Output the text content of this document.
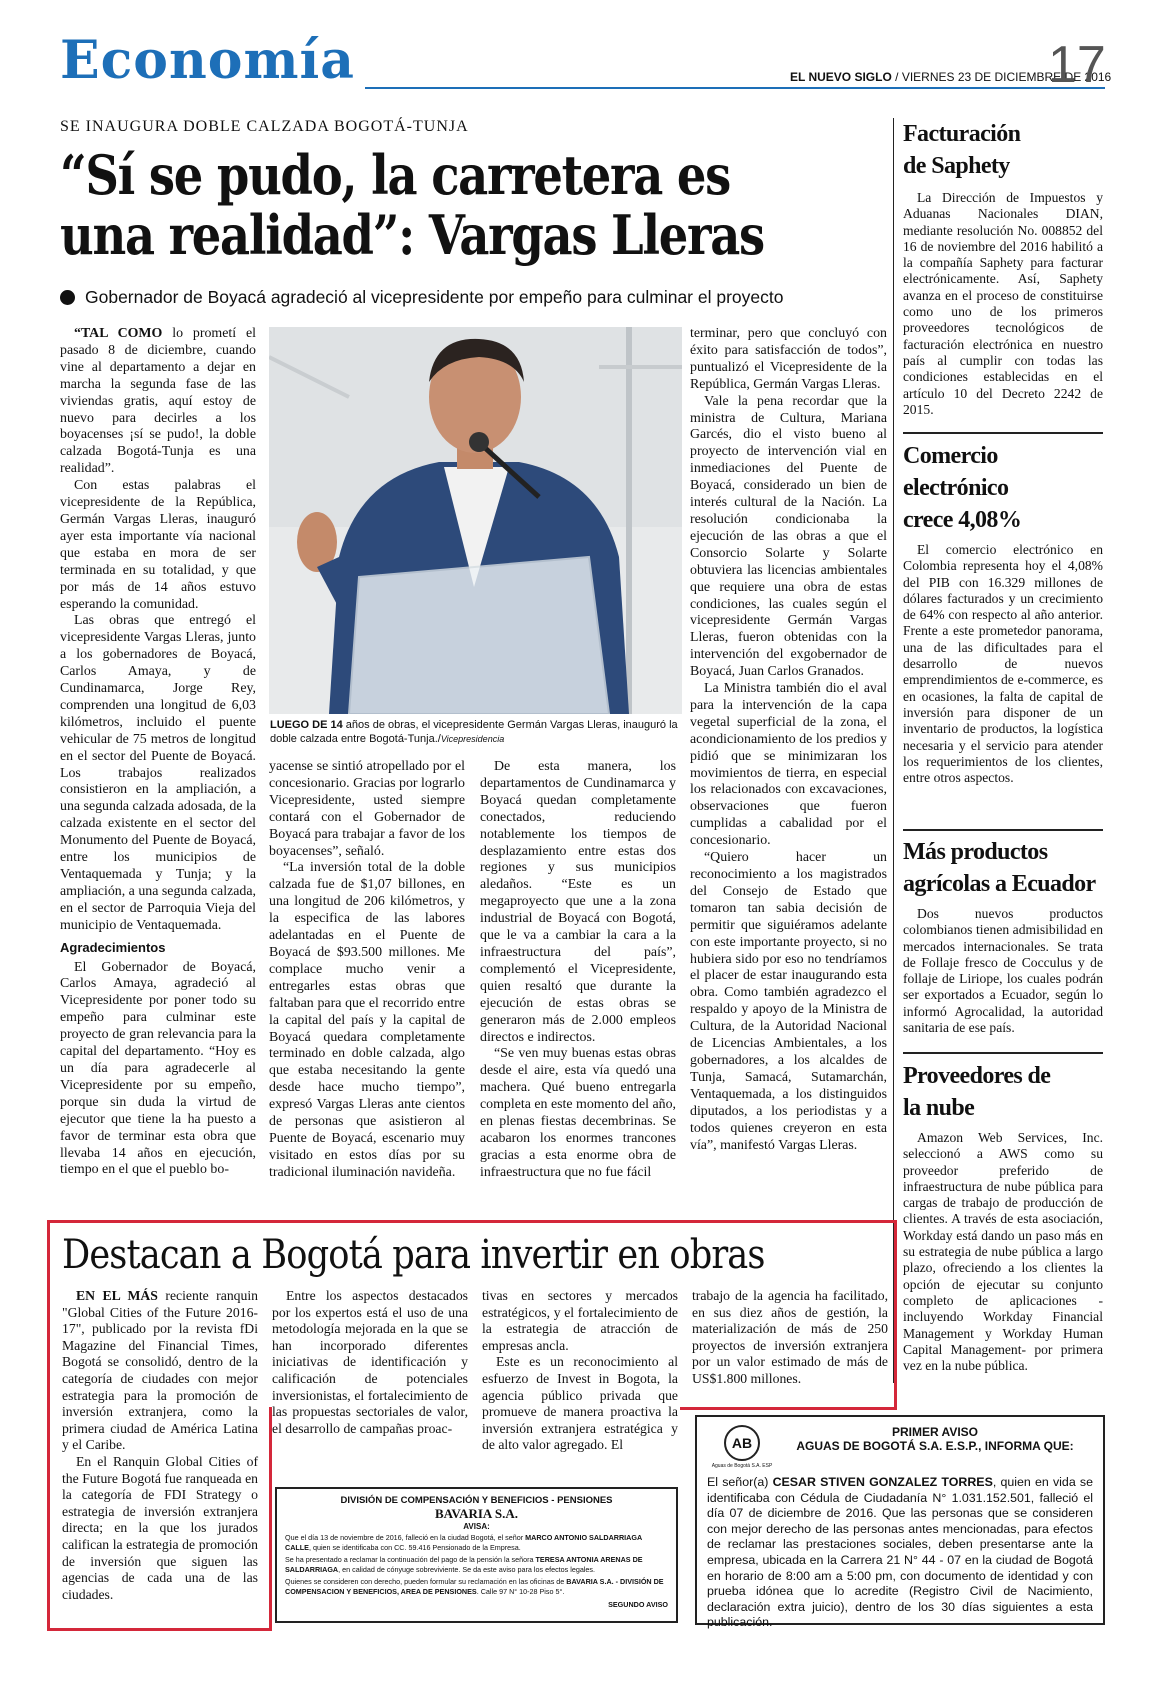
Economía	EL NUEVO SIGLO / VIERNES 23 DE DICIEMBRE DE 2016
17
SE INAUGURA DOBLE CALZADA BOGOTÁ-TUNJA
“Sí se pudo, la carretera es una realidad”: Vargas Lleras
Gobernador de Boyacá agradeció al vicepresidente por empeño para culminar el proyecto

“TAL COMO lo prometí el pasado 8 de diciembre, cuando vine al departamento a dejar en marcha la segunda fase de las viviendas gratis, aquí estoy de nuevo para decirles a los boyacenses ¡sí se pudo!, la doble calzada Bogotá-Tunja es una realidad”.

Con estas palabras el vicepresidente de la República, Germán Vargas Lleras, inauguró ayer esta importante vía nacional que estaba en mora de ser terminada en su totalidad, y que por más de 14 años estuvo esperando la comunidad.

Las obras que entregó el vicepresidente Vargas Lleras, junto a los gobernadores de Boyacá, Carlos Amaya, y de Cundinamarca, Jorge Rey, comprenden una longitud de 6,03 kilómetros, incluido el puente vehicular de 75 metros de longitud en el sector del Puente de Boyacá. Los trabajos realizados consistieron en la ampliación, a una segunda calzada adosada, de la calzada existente en el sector del Monumento del Puente de Boyacá, entre los municipios de Ventaquemada y Tunja; y la ampliación, a una segunda calzada, en el sector de Parroquia Vieja del municipio de Ventaquemada.

Agradecimientos

El Gobernador de Boyacá, Carlos Amaya, agradeció al Vicepresidente por poner todo su empeño para culminar este proyecto de gran relevancia para la capital del departamento. “Hoy es un día para agradecerle al Vicepresidente por su empeño, porque sin duda la virtud de ejecutor que tiene la ha puesto a favor de terminar esta obra que llevaba 14 años en ejecución, tiempo en el que el pueblo bo-

LUEGO DE 14 años de obras, el vicepresidente Germán Vargas Lleras, inauguró la doble calzada entre Bogotá-Tunja./Vicepresidencia

yacense se sintió atropellado por el concesionario. Gracias por lograrlo Vicepresidente, usted siempre contará con el Gobernador de Boyacá para trabajar a favor de los boyacenses”, señaló.

“La inversión total de la doble calzada fue de $1,07 billones, en una longitud de 206 kilómetros, y la especifica de las labores adelantadas en el Puente de Boyacá de $93.500 millones. Me complace mucho venir a entregarles estas obras que faltaban para que el recorrido entre la capital del país y la capital de Boyacá quedara completamente terminado en doble calzada, algo que estaba necesitando la gente desde hace mucho tiempo”, expresó Vargas Lleras ante cientos de personas que asistieron al Puente de Boyacá, escenario muy visitado en estos días por su tradicional iluminación navideña.

De esta manera, los departamentos de Cundinamarca y Boyacá quedan completamente conectados, reduciendo notablemente los tiempos de desplazamiento entre estas dos regiones y sus municipios aledaños. “Este es un megaproyecto que une a la zona industrial de Boyacá con Bogotá, que le va a cambiar la cara a la infraestructura del país”, complementó el Vicepresidente, quien resaltó que durante la ejecución de estas obras se generaron más de 2.000 empleos directos e indirectos.

“Se ven muy buenas estas obras desde el aire, esta vía quedó una machera. Qué bueno entregarla completa en este momento del año, en plenas fiestas decembrinas. Se acabaron los enormes trancones gracias a esta enorme obra de infraestructura que no fue fácil

terminar, pero que concluyó con éxito para satisfacción de todos”, puntualizó el Vicepresidente de la República, Germán Vargas Lleras.

Vale la pena recordar que la ministra de Cultura, Mariana Garcés, dio el visto bueno al proyecto de intervención vial en inmediaciones del Puente de Boyacá, considerado un bien de interés cultural de la Nación. La resolución condicionaba la ejecución de las obras a que el Consorcio Solarte y Solarte obtuviera las licencias ambientales que requiere una obra de estas condiciones, las cuales según el vicepresidente Germán Vargas Lleras, fueron obtenidas con la intervención del exgobernador de Boyacá, Juan Carlos Granados.

La Ministra también dio el aval para la intervención de la capa vegetal superficial de la zona, el acondicionamiento de los predios y pidió que se minimizaran los movimientos de tierra, en especial los relacionados con excavaciones, observaciones que fueron cumplidas a cabalidad por el concesionario.

“Quiero hacer un reconocimiento a los magistrados del Consejo de Estado que tomaron tan sabia decisión de permitir que siguiéramos adelante con este importante proyecto, si no hubiera sido por eso no tendríamos el placer de estar inaugurando esta obra. Como también agradezco el respaldo y apoyo de la Ministra de Cultura, de la Autoridad Nacional de Licencias Ambientales, a los gobernadores, a los alcaldes de Tunja, Samacá, Sutamarchán, Ventaquemada, a los distinguidos diputados, a los periodistas y a todos quienes creyeron en esta vía”, manifestó Vargas Lleras.

Facturación de Saphety

La Dirección de Impuestos y Aduanas Nacionales DIAN, mediante resolución No. 008852 del 16 de noviembre del 2016 habilitó a la compañía Saphety para facturar electrónicamente. Así, Saphety avanza en el proceso de constituirse como uno de los primeros proveedores tecnológicos de facturación electrónica en nuestro país al cumplir con todas las condiciones establecidas en el artículo 10 del Decreto 2242 de 2015.

Comercio electrónico crece 4,08%

El comercio electrónico en Colombia representa hoy el 4,08% del PIB con 16.329 millones de dólares facturados y un crecimiento de 64% con respecto al año anterior. Frente a este prometedor panorama, una de las dificultades para el desarrollo de nuevos emprendimientos de e-commerce, es en ocasiones, la falta de capital de inversión para disponer de un inventario de productos, la logística necesaria y el servicio para atender los requerimientos de los clientes, entre otros aspectos.

Más productos agrícolas a Ecuador

Dos nuevos productos colombianos tienen admisibilidad en mercados internacionales. Se trata de Follaje fresco de Cocculus y de follaje de Liriope, los cuales podrán ser exportados a Ecuador, según lo informó Agrocalidad, la autoridad sanitaria de ese país.

Proveedores de la nube

Amazon Web Services, Inc. seleccionó a AWS como su proveedor preferido de infraestructura de nube pública para cargas de trabajo de producción de clientes. A través de esta asociación, Workday está dando un paso más en su estrategia de nube pública a largo plazo, ofreciendo a los clientes la opción de ejecutar su conjunto completo de aplicaciones -incluyendo Workday Financial Management y Workday Human Capital Management- por primera vez en la nube pública.

Destacan a Bogotá para invertir en obras

EN EL MÁS reciente ranquin "Global Cities of the Future 2016-17", publicado por la revista fDi Magazine del Financial Times, Bogotá se consolidó, dentro de la categoría de ciudades con mejor estrategia para la promoción de inversión extranjera, como la primera ciudad de América Latina y el Caribe.

En el Ranquin Global Cities of the Future Bogotá fue ranqueada en la categoría de FDI Strategy o estrategia de inversión extranjera directa; en la que los jurados califican la estrategia de promoción de inversión que siguen las agencias de cada una de las ciudades.

Entre los aspectos destacados por los expertos está el uso de una metodología mejorada en la que se han incorporado diferentes iniciativas de identificación y calificación de potenciales inversionistas, el fortalecimiento de las propuestas sectoriales de valor, el desarrollo de campañas proac-

tivas en sectores y mercados estratégicos, y el fortalecimiento de la estrategia de atracción de empresas ancla.

Este es un reconocimiento al esfuerzo de Invest in Bogota, la agencia público privada que promueve de manera proactiva la inversión extranjera estratégica y de alto valor agregado. El

trabajo de la agencia ha facilitado, en sus diez años de gestión, la materialización de más de 250 proyectos de inversión extranjera por un valor estimado de más de US$1.800 millones.

DIVISIÓN DE COMPENSACIÓN Y BENEFICIOS - PENSIONES
BAVARIA S.A.
AVISA:
Que el día 13 de noviembre de 2016, falleció en la ciudad Bogotá, el señor MARCO ANTONIO SALDARRIAGA CALLE, quien se identificaba con CC. 59.416 Pensionado de la Empresa.
Se ha presentado a reclamar la continuación del pago de la pensión la señora TERESA ANTONIA ARENAS DE SALDARRIAGA, en calidad de cónyuge sobreviviente. Se da este aviso para los efectos legales.
Quienes se consideren con derecho, pueden formular su reclamación en las oficinas de BAVARIA S.A. - DIVISIÓN DE COMPENSACION Y BENEFICIOS, AREA DE PENSIONES. Calle 97 N° 10-28 Piso 5°.
SEGUNDO AVISO
AB
Aguas de Bogotá S.A. ESP
PRIMER AVISO
AGUAS DE BOGOTÁ S.A. E.S.P., INFORMA QUE:
El señor(a) CESAR STIVEN GONZALEZ TORRES, quien en vida se identificaba con Cédula de Ciudadanía N° 1.031.152.501, falleció el día 07 de diciembre de 2016. Que las personas que se consideren con mejor derecho de las personas antes mencionadas, para efectos de reclamar las prestaciones sociales, deben presentarse ante la empresa, ubicada en la Carrera 21 N° 44 - 07 en la ciudad de Bogotá en horario de 8:00 am a 5:00 pm, con documento de identidad y con prueba idónea que lo acredite (Registro Civil de Nacimiento, declaración extra juicio), dentro de los 30 días siguientes a esta publicación.
